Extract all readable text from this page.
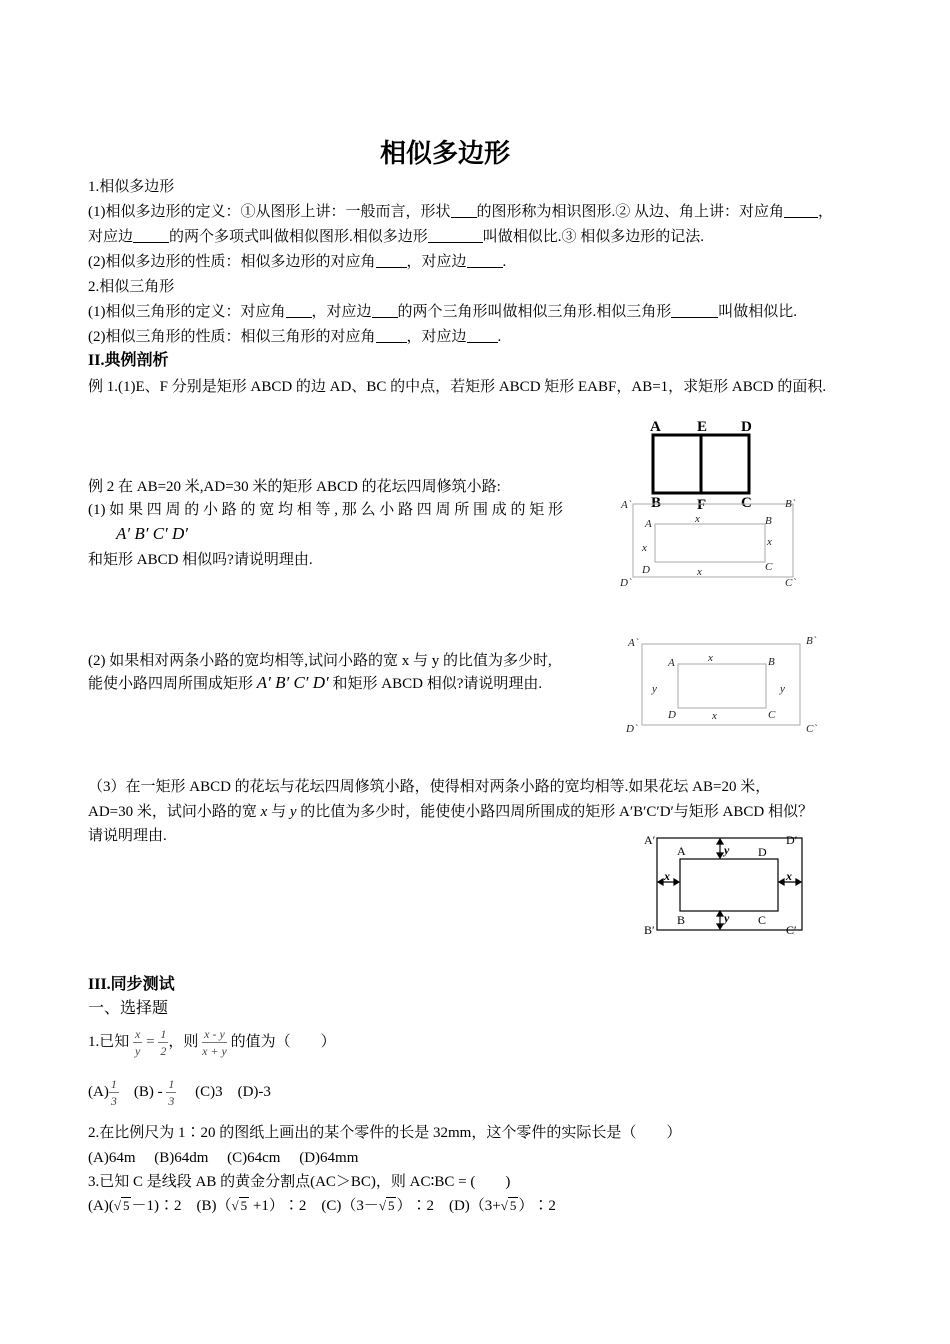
相似多边形
1.相似多边形
(1)相似多边形的定义：①从图形上讲：一般而言，形状 的图形称为相识图形.② 从边、角上讲：对应角 ，
对应边 的两个多项式叫做相似图形.相似多边形	叫做相似比.③ 相似多边形的记法.
(2)相似多边形的性质：相似多边形的对应角 ，对应边 .
2.相似三角形
(1)相似三角形的定义：对应角 ，对应边 的两个三角形叫做相似三角形.相似三角形	叫做相似比.
(2)相似三角形的性质：相似三角形的对应角 ，对应边 .
II.典例剖析
例 1.(1)E、F 分别是矩形 ABCD 的边 AD、BC 的中点，若矩形 ABCD 矩形 EABF，AB=1，求矩形 ABCD 的面积.
A E D
B F C
例 2 在 AB=20 米,AD=30 米的矩形 ABCD 的花坛四周修筑小路:
(1) 如 果 四 周 的 小 路 的 宽 均 相 等 , 那 么 小 路 四 周 所 围 成 的 矩 形
A′ B′ C′ D′
和矩形 ABCD 相似吗?请说明理由.
A`	B`
D`	C`
A	B
D	C
x
x
x	x
(2) 如果相对两条小路的宽均相等,试问小路的宽 x 与 y 的比值为多少时,
能使小路四周所围成矩形 A′ B′ C′ D′ 和矩形 ABCD 相似?请说明理由.
A`	B`
D`	C`
A	B
D	C
x
x
y	y
（3）在一矩形 ABCD 的花坛与花坛四周修筑小路，使得相对两条小路的宽均相等.如果花坛 AB=20 米，
AD=30 米，试问小路的宽 x 与 y 的比值为多少时，能使使小路四周所围成的矩形 A′B′C′D′与矩形 ABCD 相似？
请说明理由.	A′	D′
B′	C′
A	D
B	C
y
y
x	x
III.同步测试
一、选择题
1.已知 $\frac{x}{y} = \frac{1}{2}$ ，则 $\frac{x - y}{x + y}$ 的值为（　　）
$(A) \frac{1}{3} (B) - \frac{1}{3} (C)3$ (D)-3
2.在比例尺为 1∶20 的图纸上画出的某个零件的长是 32mm，这个零件的实际长是（　　）
(A)64m　 (B)64dm　 (C)64cm　 (D)64mm
3.已知 C 是线段 AB 的黄金分割点(AC＞BC)，则 AC∶BC = (　　)
(A)(√ 5 －1)∶2　(B)（√ 5 +1）∶2　(C)（3－√ 5 ）∶2　(D)（3+√ 5 ）∶2
